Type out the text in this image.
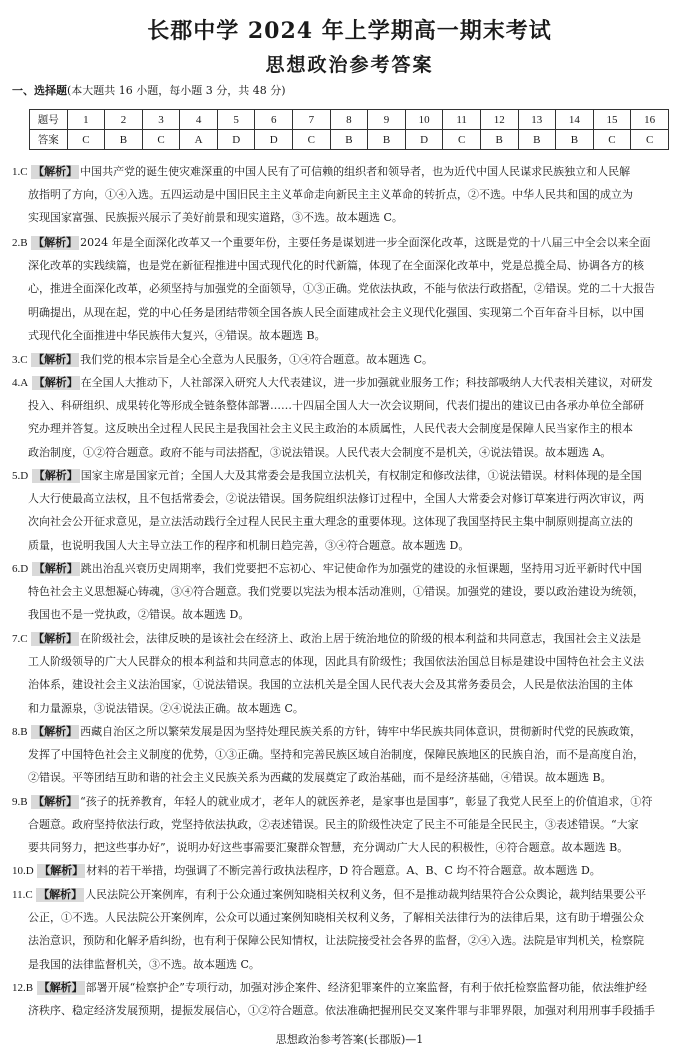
长郡中学 2024 年上学期高一期末考试
思想政治参考答案
一、选择题(本大题共 16 小题，每小题 3 分，共 48 分)
题号	1	2	3	4	5	6	7	8	9	10	11	12	13	14	15	16
答案	C	B	C	A	D	D	C	B	B	D	C	B	B	B	C	C
1.C 【解析】 中国共产党的诞生使灾难深重的中国人民有了可信赖的组织者和领导者，也为近代中国人民谋求民族独立和人民解
放指明了方向，①④入选。五四运动是中国旧民主主义革命走向新民主主义革命的转折点，②不选。中华人民共和国的成立为
实现国家富强、民族振兴展示了美好前景和现实道路，③不选。故本题选 C。
2.B 【解析】 2024 年是全面深化改革又一个重要年份，主要任务是谋划进一步全面深化改革，这既是党的十八届三中全会以来全面
深化改革的实践续篇，也是党在新征程推进中国式现代化的时代新篇，体现了在全面深化改革中，党是总揽全局、协调各方的核
心，推进全面深化改革，必须坚持与加强党的全面领导，①③正确。党依法执政，不能与依法行政搭配，②错误。党的二十大报告
明确提出，从现在起，党的中心任务是团结带领全国各族人民全面建成社会主义现代化强国、实现第二个百年奋斗目标，以中国
式现代化全面推进中华民族伟大复兴，④错误。故本题选 B。
3.C 【解析】 我们党的根本宗旨是全心全意为人民服务，①④符合题意。故本题选 C。
4.A 【解析】 在全国人大推动下，人社部深入研究人大代表建议，进一步加强就业服务工作；科技部吸纳人大代表相关建议，对研发
投入、科研组织、成果转化等形成全链条整体部署……十四届全国人大一次会议期间，代表们提出的建议已由各承办单位全部研
究办理并答复。这反映出全过程人民民主是我国社会主义民主政治的本质属性，人民代表大会制度是保障人民当家作主的根本
政治制度，①②符合题意。政府不能与司法搭配，③说法错误。人民代表大会制度不是机关，④说法错误。故本题选 A。
5.D 【解析】 国家主席是国家元首；全国人大及其常委会是我国立法机关，有权制定和修改法律，①说法错误。材料体现的是全国
人大行使最高立法权，且不包括常委会，②说法错误。国务院组织法修订过程中，全国人大常委会对修订草案进行两次审议，两
次向社会公开征求意见，是立法活动践行全过程人民民主重大理念的重要体现。这体现了我国坚持民主集中制原则提高立法的
质量，也说明我国人大主导立法工作的程序和机制日趋完善，③④符合题意。故本题选 D。
6.D 【解析】 跳出治乱兴衰历史周期率，我们党要把不忘初心、牢记使命作为加强党的建设的永恒课题，坚持用习近平新时代中国
特色社会主义思想凝心铸魂，③④符合题意。我们党要以宪法为根本活动准则，①错误。加强党的建设，要以政治建设为统领，
我国也不是一党执政，②错误。故本题选 D。
7.C 【解析】 在阶级社会，法律反映的是该社会在经济上、政治上居于统治地位的阶级的根本利益和共同意志，我国社会主义法是
工人阶级领导的广大人民群众的根本利益和共同意志的体现，因此具有阶级性；我国依法治国总目标是建设中国特色社会主义法
治体系，建设社会主义法治国家，①说法错误。我国的立法机关是全国人民代表大会及其常务委员会，人民是依法治国的主体
和力量源泉，③说法错误。②④说法正确。故本题选 C。
8.B 【解析】 西藏自治区之所以繁荣发展是因为坚持处理民族关系的方针，铸牢中华民族共同体意识，贯彻新时代党的民族政策，
发挥了中国特色社会主义制度的优势，①③正确。坚持和完善民族区域自治制度，保障民族地区的民族自治，而不是高度自治，
②错误。平等团结互助和谐的社会主义民族关系为西藏的发展奠定了政治基础，而不是经济基础，④错误。故本题选 B。
9.B 【解析】 “孩子的抚养教育，年轻人的就业成才，老年人的就医养老，是家事也是国事”，彰显了我党人民至上的价值追求，①符
合题意。政府坚持依法行政，党坚持依法执政，②表述错误。民主的阶级性决定了民主不可能是全民民主，③表述错误。“大家
要共同努力，把这些事办好”，说明办好这些事需要汇聚群众智慧，充分调动广大人民的积极性，④符合题意。故本题选 B。
10.D 【解析】 材料的若干举措，均强调了不断完善行政执法程序，D 符合题意。A、B、C 均不符合题意。故本题选 D。
11.C 【解析】 人民法院公开案例库，有利于公众通过案例知晓相关权利义务，但不是推动裁判结果符合公众舆论，裁判结果要公平
公正，①不选。人民法院公开案例库，公众可以通过案例知晓相关权利义务，了解相关法律行为的法律后果，这有助于增强公众
法治意识，预防和化解矛盾纠纷，也有利于保障公民知情权，让法院接受社会各界的监督，②④入选。法院是审判机关，检察院
是我国的法律监督机关，③不选。故本题选 C。
12.B 【解析】 部署开展“检察护企”专项行动，加强对涉企案件、经济犯罪案件的立案监督，有利于依托检察监督功能，依法维护经
济秩序、稳定经济发展预期，提振发展信心，①②符合题意。依法准确把握刑民交叉案件罪与非罪界限，加强对利用刑事手段插手
思想政治参考答案(长郡版)—1
